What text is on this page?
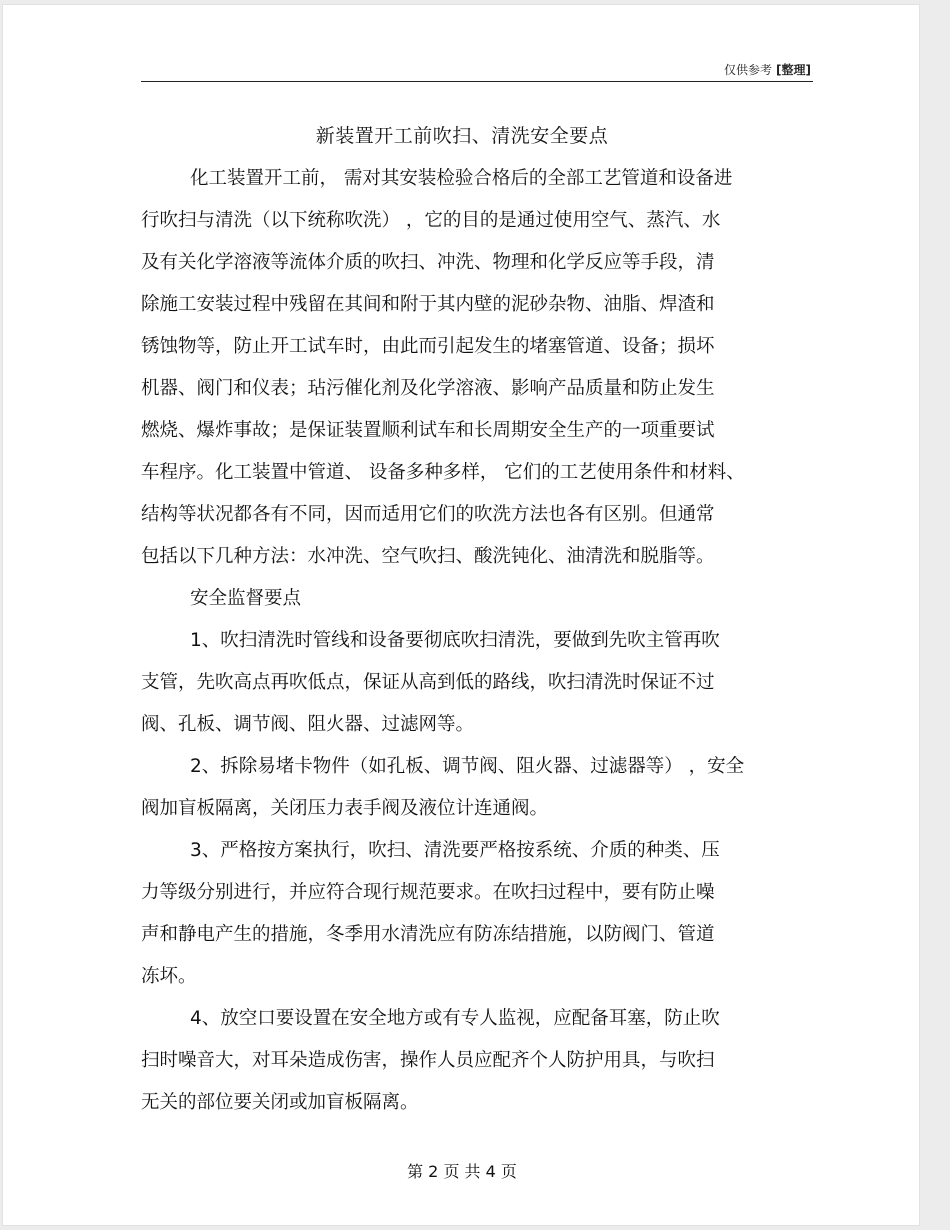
仅供参考 [整理]
新装置开工前吹扫、清洗安全要点
化工装置开工前， 需对其安装检验合格后的全部工艺管道和设备进
行吹扫与清洗（以下统称吹洗） ，它的目的是通过使用空气、蒸汽、水
及有关化学溶液等流体介质的吹扫、冲洗、物理和化学反应等手段，清
除施工安装过程中残留在其间和附于其内壁的泥砂杂物、油脂、焊渣和
锈蚀物等，防止开工试车时，由此而引起发生的堵塞管道、设备；损坏
机器、阀门和仪表；玷污催化剂及化学溶液、影响产品质量和防止发生
燃烧、爆炸事故；是保证装置顺利试车和长周期安全生产的一项重要试
车程序。化工装置中管道、 设备多种多样， 它们的工艺使用条件和材料、
结构等状况都各有不同，因而适用它们的吹洗方法也各有区别。但通常
包括以下几种方法：水冲洗、空气吹扫、酸洗钝化、油清洗和脱脂等。
安全监督要点
1、吹扫清洗时管线和设备要彻底吹扫清洗，要做到先吹主管再吹
支管，先吹高点再吹低点，保证从高到低的路线，吹扫清洗时保证不过
阀、孔板、调节阀、阻火器、过滤网等。
2、拆除易堵卡物件（如孔板、调节阀、阻火器、过滤器等） ，安全
阀加盲板隔离，关闭压力表手阀及液位计连通阀。
3、严格按方案执行，吹扫、清洗要严格按系统、介质的种类、压
力等级分别进行，并应符合现行规范要求。在吹扫过程中，要有防止噪
声和静电产生的措施，冬季用水清洗应有防冻结措施，以防阀门、管道
冻坏。
4、放空口要设置在安全地方或有专人监视，应配备耳塞，防止吹
扫时噪音大，对耳朵造成伤害，操作人员应配齐个人防护用具，与吹扫
无关的部位要关闭或加盲板隔离。
第 2 页 共 4 页
